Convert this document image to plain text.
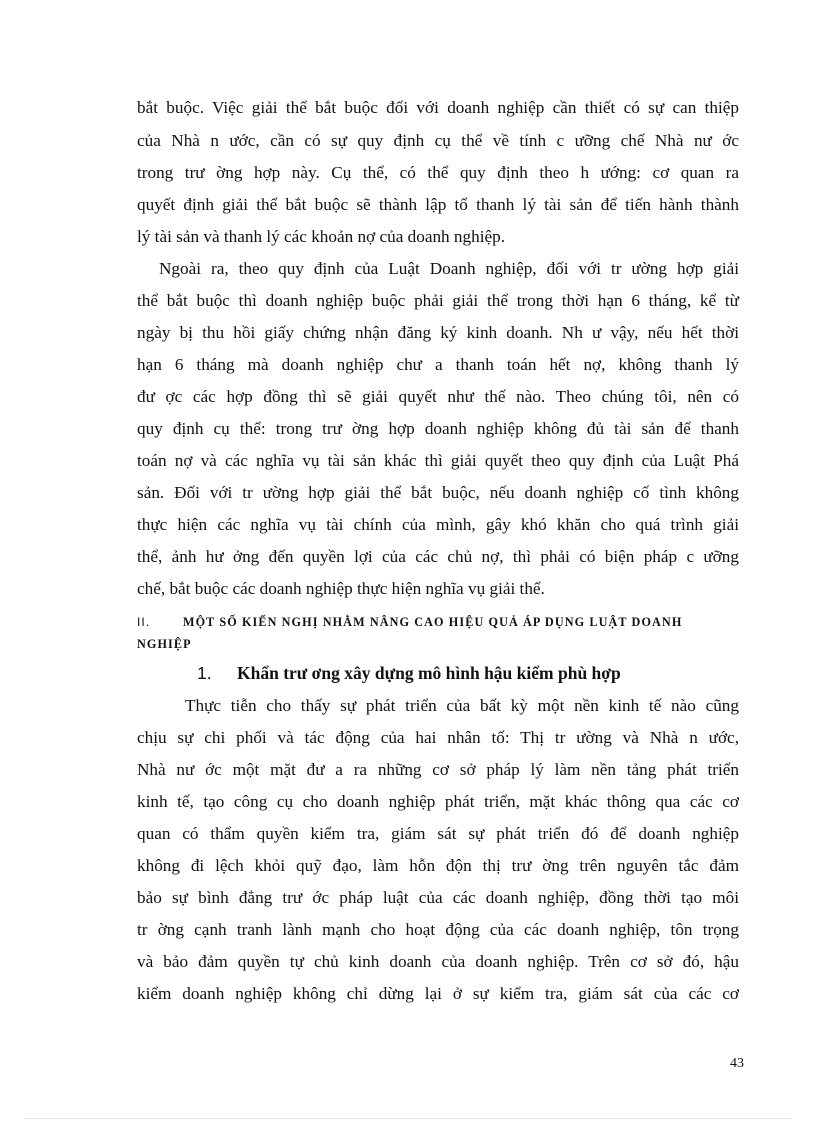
bắt buộc. Việc giải thể bắt buộc đối với doanh nghiệp cần thiết có sự can thiệp
của Nhà n ước, cần có sự quy định cụ thể về tính c ưỡng chế Nhà nư ớc
trong trư ờng hợp này. Cụ thể, có thể quy định theo h ướng: cơ quan ra
quyết định giải thể bắt buộc sẽ thành lập tổ thanh lý tài sản để tiến hành thành
lý tài sản và thanh lý các khoản nợ của doanh nghiệp.
Ngoài ra, theo quy định của Luật Doanh nghiệp, đối với tr ường hợp giải
thể bắt buộc thì doanh nghiệp buộc phải giải thể trong thời hạn 6 tháng, kể từ
ngày bị thu hồi giấy chứng nhận đăng ký kinh doanh. Nh ư vậy, nếu hết thời
hạn 6 tháng mà doanh nghiệp chư a thanh toán hết nợ, không thanh lý
đư ợc các hợp đồng thì sẽ giải quyết như thế nào. Theo chúng tôi, nên có
quy định cụ thể: trong trư ờng hợp doanh nghiệp không đủ tài sản để thanh
toán nợ và các nghĩa vụ tài sản khác thì giải quyết theo quy định của Luật Phá
sản. Đối với tr ường hợp giải thể bắt buộc, nếu doanh nghiệp cố tình không
thực hiện các nghĩa vụ tài chính của mình, gây khó khăn cho quá trình giải
thể, ảnh hư ởng đến quyền lợi của các chủ nợ, thì phải có biện pháp c ưỡng
chế, bắt buộc các doanh nghiệp thực hiện nghĩa vụ giải thể.
II.	MỘT SỐ KIẾN NGHỊ NHẰM NÂNG CAO HIỆU QUẢ ÁP DỤNG LUẬT DOANH
NGHIỆP
1. Khẩn trư ơng xây dựng mô hình hậu kiểm phù hợp
Thực tiễn cho thấy sự phát triển của bất kỳ một nền kinh tế nào cũng
chịu sự chi phối và tác động của hai nhân tố: Thị tr ường và Nhà n ước,
Nhà nư ớc một mặt đư a ra những cơ sở pháp lý làm nền tảng phát triển
kinh tế, tạo công cụ cho doanh nghiệp phát triển, mặt khác thông qua các cơ
quan có thẩm quyền kiểm tra, giám sát sự phát triển đó để doanh nghiệp
không đi lệch khỏi quỹ đạo, làm hỗn độn thị trư ờng trên nguyên tắc đảm
bảo sự bình đẳng trư ớc pháp luật của các doanh nghiệp, đồng thời tạo môi
tr ờng cạnh tranh lành mạnh cho hoạt động của các doanh nghiệp, tôn trọng
và bảo đảm quyền tự chủ kinh doanh của doanh nghiệp. Trên cơ sở đó, hậu
kiểm doanh nghiệp không chỉ dừng lại ở sự kiểm tra, giám sát của các cơ
43
